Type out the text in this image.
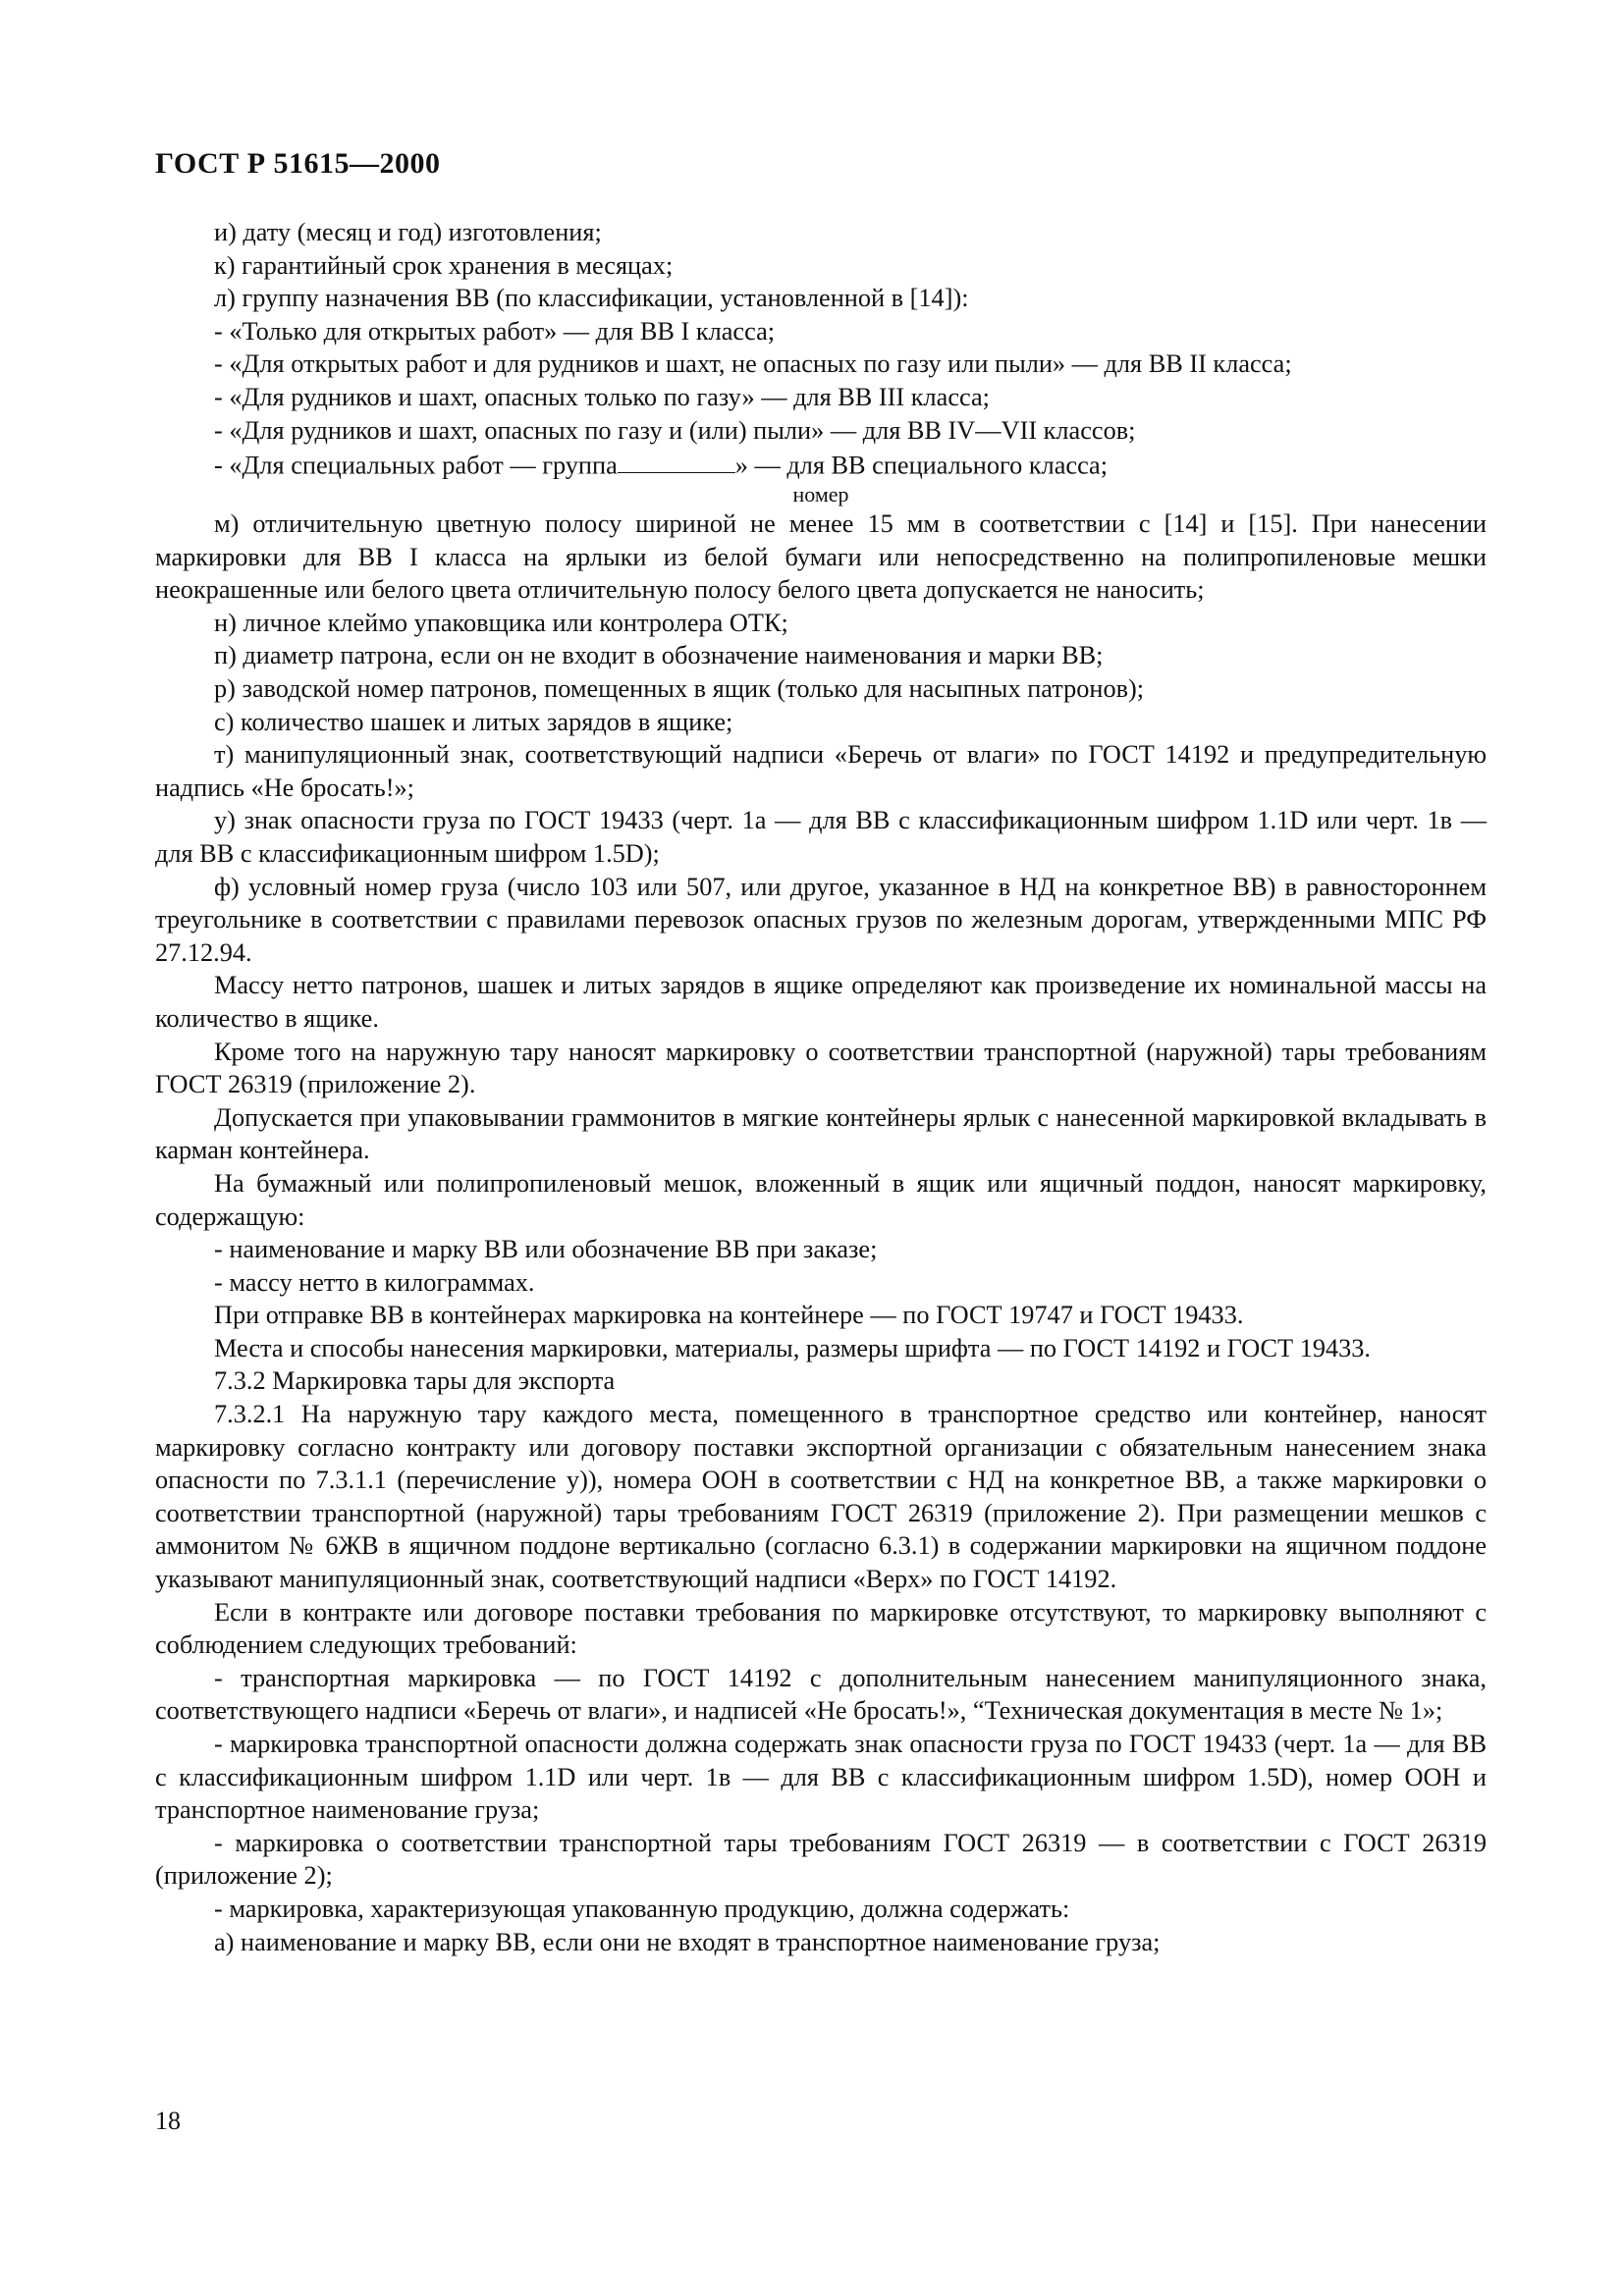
ГОСТ Р 51615—2000

и) дату (месяц и год) изготовления;

к) гарантийный срок хранения в месяцах;

л) группу назначения ВВ (по классификации, установленной в [14]):

- «Только для открытых работ» — для ВВ I класса;

- «Для открытых работ и для рудников и шахт, не опасных по газу или пыли» — для ВВ II класса;

- «Для рудников и шахт, опасных только по газу» — для ВВ III класса;

- «Для рудников и шахт, опасных по газу и (или) пыли» — для ВВ IV—VII классов;

- «Для специальных работ — группа	» — для ВВ специального класса;

номер

м) отличительную цветную полосу шириной не менее 15 мм в соответствии с [14] и [15]. При нанесении маркировки для ВВ I класса на ярлыки из белой бумаги или непосредственно на полипропиленовые мешки неокрашенные или белого цвета отличительную полосу белого цвета допускается не наносить;

н) личное клеймо упаковщика или контролера ОТК;

п) диаметр патрона, если он не входит в обозначение наименования и марки ВВ;

р) заводской номер патронов, помещенных в ящик (только для насыпных патронов);

с) количество шашек и литых зарядов в ящике;

т) манипуляционный знак, соответствующий надписи «Беречь от влаги» по ГОСТ 14192 и предупредительную надпись «Не бросать!»;

у) знак опасности груза по ГОСТ 19433 (черт. 1а — для ВВ с классификационным шифром 1.1D или черт. 1в — для ВВ с классификационным шифром 1.5D);

ф) условный номер груза (число 103 или 507, или другое, указанное в НД на конкретное ВВ) в равностороннем треугольнике в соответствии с правилами перевозок опасных грузов по железным дорогам, утвержденными МПС РФ 27.12.94.

Массу нетто патронов, шашек и литых зарядов в ящике определяют как произведение их номинальной массы на количество в ящике.

Кроме того на наружную тару наносят маркировку о соответствии транспортной (наружной) тары требованиям ГОСТ 26319 (приложение 2).

Допускается при упаковывании граммонитов в мягкие контейнеры ярлык с нанесенной маркировкой вкладывать в карман контейнера.

На бумажный или полипропиленовый мешок, вложенный в ящик или ящичный поддон, наносят маркировку, содержащую:

- наименование и марку ВВ или обозначение ВВ при заказе;

- массу нетто в килограммах.

При отправке ВВ в контейнерах маркировка на контейнере — по ГОСТ 19747 и ГОСТ 19433.

Места и способы нанесения маркировки, материалы, размеры шрифта — по ГОСТ 14192 и ГОСТ 19433.

7.3.2 Маркировка тары для экспорта

7.3.2.1 На наружную тару каждого места, помещенного в транспортное средство или контейнер, наносят маркировку согласно контракту или договору поставки экспортной организации с обязательным нанесением знака опасности по 7.3.1.1 (перечисление у)), номера ООН в соответствии с НД на конкретное ВВ, а также маркировки о соответствии транспортной (наружной) тары требованиям ГОСТ 26319 (приложение 2). При размещении мешков с аммонитом № 6ЖВ в ящичном поддоне вертикально (согласно 6.3.1) в содержании маркировки на ящичном поддоне указывают манипуляционный знак, соответствующий надписи «Верх» по ГОСТ 14192.

Если в контракте или договоре поставки требования по маркировке отсутствуют, то маркировку выполняют с соблюдением следующих требований:

- транспортная маркировка — по ГОСТ 14192 с дополнительным нанесением манипуляционного знака, соответствующего надписи «Беречь от влаги», и надписей «Не бросать!», “Техническая документация в месте № 1»;

- маркировка транспортной опасности должна содержать знак опасности груза по ГОСТ 19433 (черт. 1а — для ВВ с классификационным шифром 1.1D или черт. 1в — для ВВ с классификационным шифром 1.5D), номер ООН и транспортное наименование груза;

- маркировка о соответствии транспортной тары требованиям ГОСТ 26319 — в соответствии с ГОСТ 26319 (приложение 2);

- маркировка, характеризующая упакованную продукцию, должна содержать:

а) наименование и марку ВВ, если они не входят в транспортное наименование груза;

18
